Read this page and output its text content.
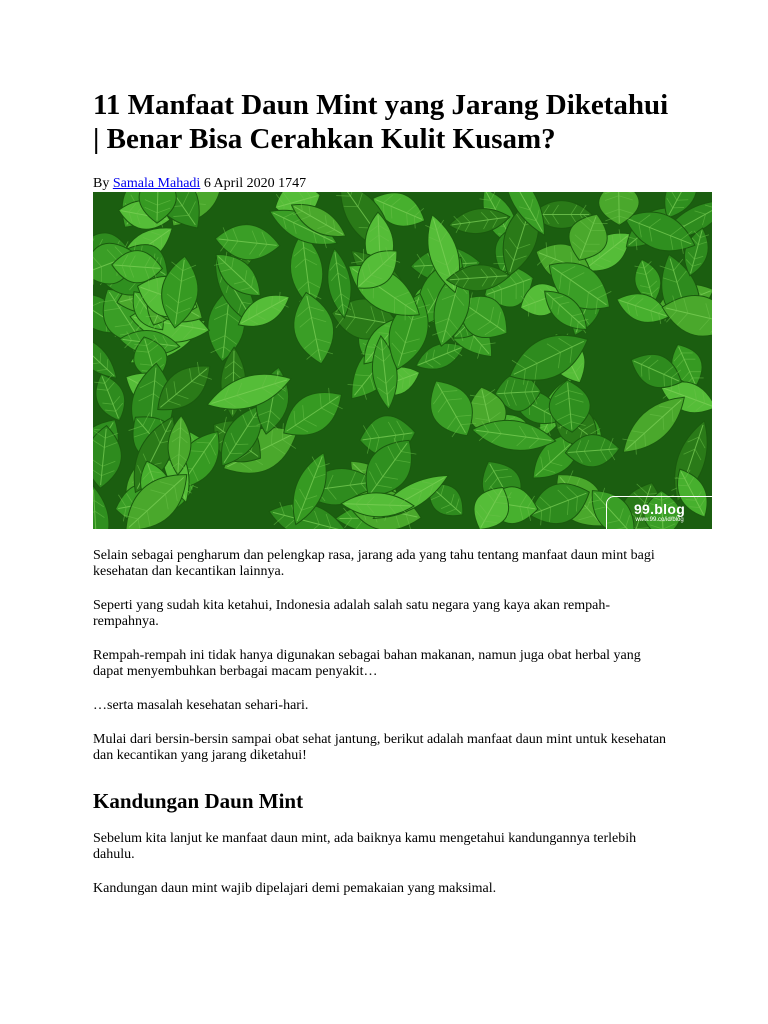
11 Manfaat Daun Mint yang Jarang Diketahui | Benar Bisa Cerahkan Kulit Kusam?
By Samala Mahadi 6 April 2020 1747
99.blog
www.99.co/id/blog

Selain sebagai pengharum dan pelengkap rasa, jarang ada yang tahu tentang manfaat daun mint bagi kesehatan dan kecantikan lainnya.

Seperti yang sudah kita ketahui, Indonesia adalah salah satu negara yang kaya akan rempah-rempahnya.

Rempah-rempah ini tidak hanya digunakan sebagai bahan makanan, namun juga obat herbal yang dapat menyembuhkan berbagai macam penyakit…

…serta masalah kesehatan sehari-hari.

Mulai dari bersin-bersin sampai obat sehat jantung, berikut adalah manfaat daun mint untuk kesehatan dan kecantikan yang jarang diketahui!

Kandungan Daun Mint

Sebelum kita lanjut ke manfaat daun mint, ada baiknya kamu mengetahui kandungannya terlebih dahulu.

Kandungan daun mint wajib dipelajari demi pemakaian yang maksimal.
